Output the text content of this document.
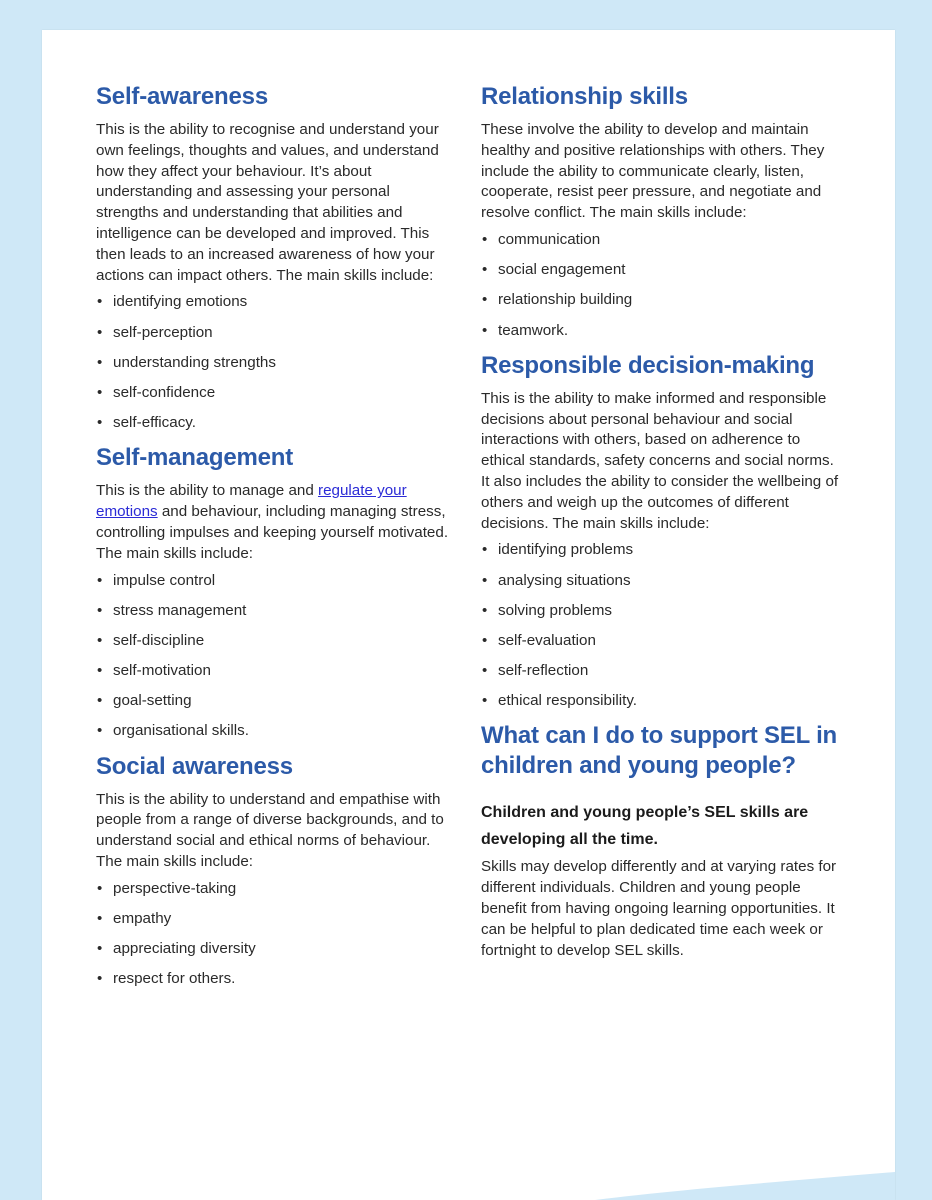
Self-awareness

This is the ability to recognise and understand your own feelings, thoughts and values, and understand how they affect your behaviour. It’s about understanding and assessing your personal strengths and understanding that abilities and intelligence can be developed and improved. This then leads to an increased awareness of how your actions can impact others. The main skills include:

• identifying emotions
• self-perception
• understanding strengths
• self-confidence
• self-efficacy.
Self-management

This is the ability to manage and regulate your emotions and behaviour, including managing stress, controlling impulses and keeping yourself motivated. The main skills include:

• impulse control
• stress management
• self-discipline
• self-motivation
• goal-setting
• organisational skills.
Social awareness

This is the ability to understand and empathise with people from a range of diverse backgrounds, and to understand social and ethical norms of behaviour. The main skills include:

• perspective-taking
• empathy
• appreciating diversity
• respect for others.
Relationship skills

These involve the ability to develop and maintain healthy and positive relationships with others. They include the ability to communicate clearly, listen, cooperate, resist peer pressure, and negotiate and resolve conflict. The main skills include:

• communication
• social engagement
• relationship building
• teamwork.
Responsible decision-making

This is the ability to make informed and responsible decisions about personal behaviour and social interactions with others, based on adherence to ethical standards, safety concerns and social norms. It also includes the ability to consider the wellbeing of others and weigh up the outcomes of different decisions. The main skills include:

• identifying problems
• analysing situations
• solving problems
• self-evaluation
• self-reflection
• ethical responsibility.
What can I do to support SEL in children and young people?

Children and young people’s SEL skills are developing all the time.

Skills may develop differently and at varying rates for different individuals. Children and young people benefit from having ongoing learning opportunities. It can be helpful to plan dedicated time each week or fortnight to develop SEL skills.
